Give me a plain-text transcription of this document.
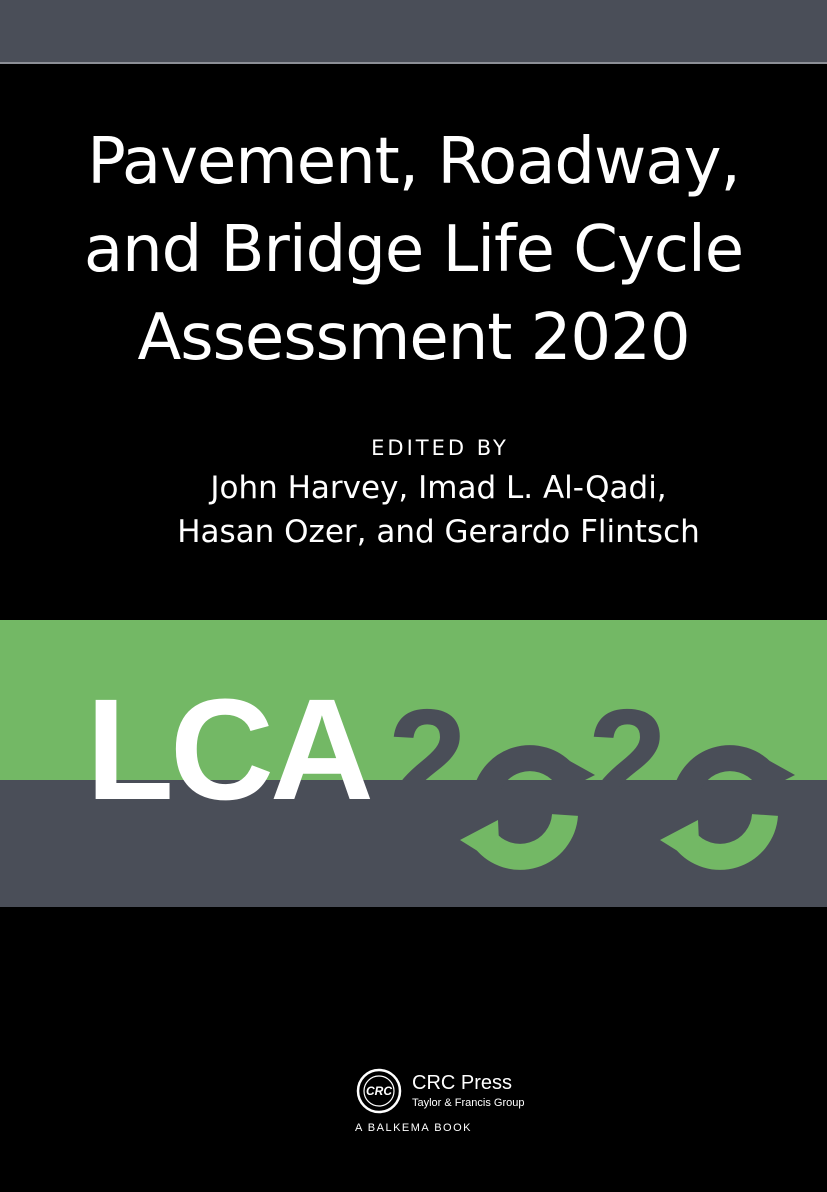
Pavement, Roadway,
and Bridge Life Cycle
Assessment 2020
EDITED BY
John Harvey, Imad L. Al-Qadi,
Hasan Ozer, and Gerardo Flintsch
LCA 2 2
CRC CRC Press
Taylor & Francis Group
A BALKEMA BOOK
